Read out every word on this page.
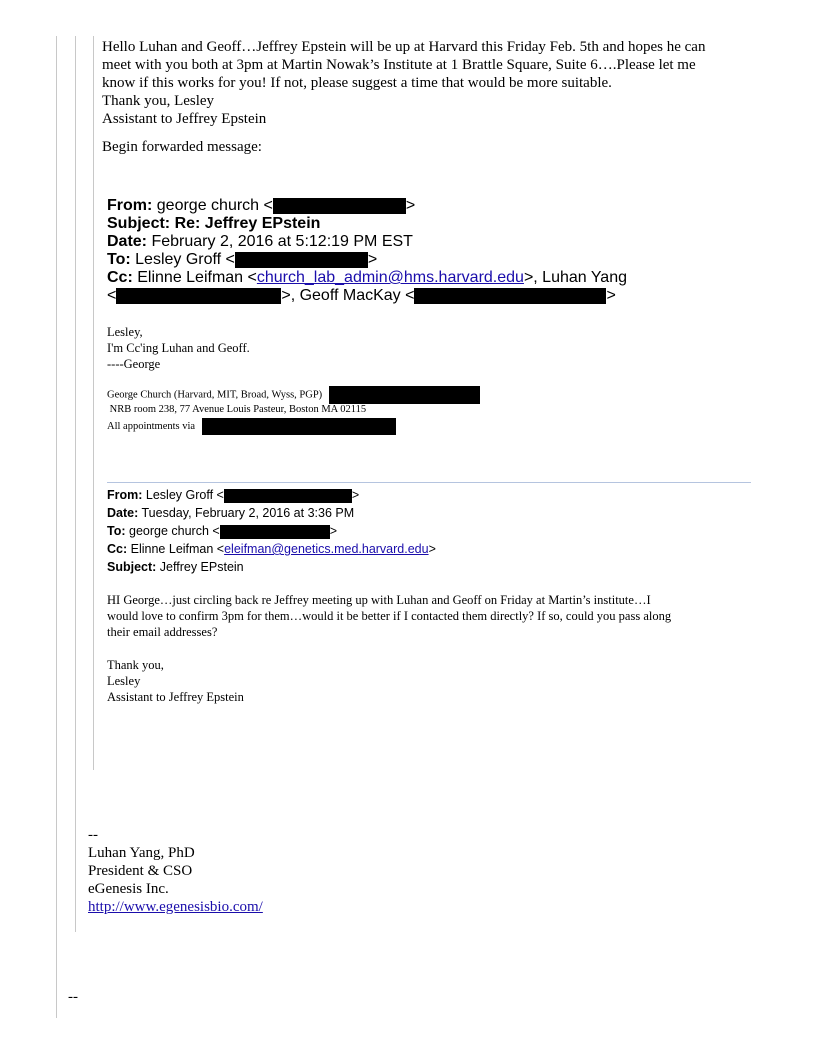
Hello Luhan and Geoff…Jeffrey Epstein will be up at Harvard this Friday Feb. 5th and hopes he can
meet with you both at 3pm at Martin Nowak’s Institute at 1 Brattle Square, Suite 6….Please let me
know if this works for you! If not, please suggest a time that would be more suitable.
Thank you, Lesley
Assistant to Jeffrey Epstein
Begin forwarded message:
From: george church <	>
Subject: Re: Jeffrey EPstein
Date: February 2, 2016 at 5:12:19 PM EST
To: Lesley Groff <	>
Cc: Elinne Leifman <church_lab_admin@hms.harvard.edu>, Luhan Yang
<	>, Geoff MacKay <	>
Lesley,
I'm Cc'ing Luhan and Geoff.
----George
George Church (Harvard, MIT, Broad, Wyss, PGP)
NRB room 238, 77 Avenue Louis Pasteur, Boston MA 02115
All appointments via
From: Lesley Groff <	>
Date: Tuesday, February 2, 2016 at 3:36 PM
To: george church <	>
Cc: Elinne Leifman <eleifman@genetics.med.harvard.edu>
Subject: Jeffrey EPstein
HI George…just circling back re Jeffrey meeting up with Luhan and Geoff on Friday at Martin’s institute…I
would love to confirm 3pm for them…would it be better if I contacted them directly? If so, could you pass along
their email addresses?
Thank you,
Lesley
Assistant to Jeffrey Epstein
--
Luhan Yang, PhD
President & CSO
eGenesis Inc.
http://www.egenesisbio.com/
--
